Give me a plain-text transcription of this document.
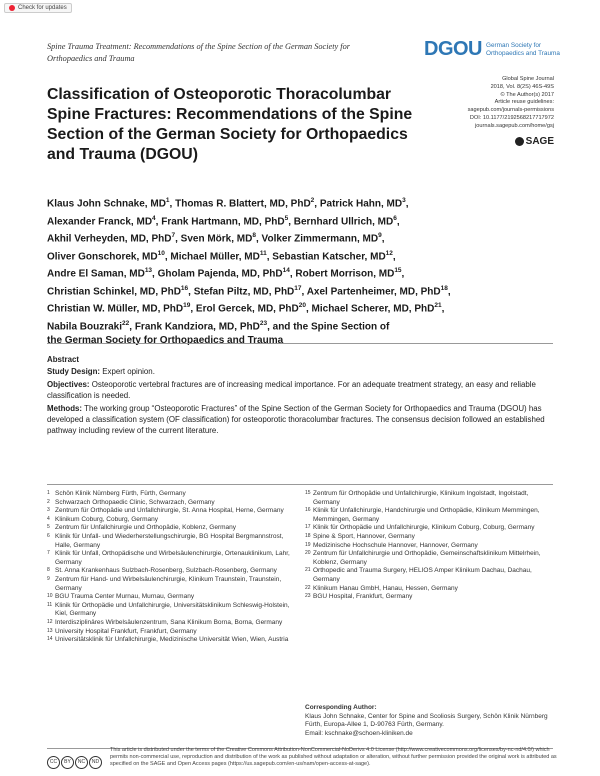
Check for updates
Spine Trauma Treatment: Recommendations of the Spine Section of the German Society for Orthopaedics and Trauma	DGOU German Society for
Orthopaedics and Trauma
Global Spine Journal
2018, Vol. 8(2S) 46S-49S
© The Author(s) 2017
Article reuse guidelines:
sagepub.com/journals-permissions
DOI: 10.1177/2192568217717972
journals.sagepub.com/home/gsj
SAGE
Classification of Osteoporotic Thoracolumbar Spine Fractures: Recommendations of the Spine Section of the German Society for Orthopaedics and Trauma (DGOU)
Klaus John Schnake, $MD^1$, Thomas R. Blattert, MD, PhD$^2$, Patrick Hahn, $MD^3$,
Alexander Franck, $MD^4$, Frank Hartmann, MD, PhD$^5$, Bernhard Ullrich, $MD^6$,
Akhil Verheyden, MD, PhD$^7$, Sven Mörk, $MD^8$, Volker Zimmermann, $MD^9$,
Oliver Gonschorek, MD$^{10}$, Michael Müller, MD$^{11}$, Sebastian Katscher, MD$^{12}$,
Andre El Saman, MD$^{13}$, Gholam Pajenda, MD, PhD$^{14}$, Robert Morrison, MD$^{15}$,
Christian Schinkel, MD, PhD$^{16}$, Stefan Piltz, MD, PhD$^{17}$, Axel Partenheimer, MD, PhD$^{18}$,
Christian W. Müller, MD, PhD$^{19}$, Erol Gercek, MD, PhD$^{20}$, Michael Scherer, MD, PhD$^{21}$,
Nabila Bouzraki$^{22}$, Frank Kandziora, MD, PhD$^{23}$, and the Spine Section of
the German Society for Orthopaedics and Trauma
Abstract

Study Design: Expert opinion.

Objectives: Osteoporotic vertebral fractures are of increasing medical importance. For an adequate treatment strategy, an easy and reliable classification is needed.

Methods: The working group “Osteoporotic Fractures” of the Spine Section of the German Society for Orthopaedics and Trauma (DGOU) has developed a classification system (OF classification) for osteoporotic thoracolumbar fractures. The consensus decision followed an established pathway including review of the current literature.

1 Schön Klinik Nürnberg Fürth, Fürth, Germany
2 Schwarzach Orthopaedic Clinic, Schwarzach, Germany
3 Zentrum für Orthopädie und Unfallchirurgie, St. Anna Hospital, Herne, Germany
4 Klinikum Coburg, Coburg, Germany
5 Zentrum für Unfallchirurgie und Orthopädie, Koblenz, Germany
6 Klinik für Unfall- und Wiederherstellungschirurgie, BG Hospital Bergmannstrost, Halle, Germany
7 Klinik für Unfall, Orthopädische und Wirbelsäulenchirurgie, Ortenauklinikum, Lahr, Germany
8 St. Anna Krankenhaus Sulzbach-Rosenberg, Sulzbach-Rosenberg, Germany
9 Zentrum für Hand- und Wirbelsäulenchirurgie, Klinikum Traunstein, Traunstein, Germany
10 BGU Trauma Center Murnau, Murnau, Germany
11 Klinik für Orthopädie und Unfallchirurgie, Universitätsklinikum Schleswig-Holstein, Kiel, Germany
12 Interdisziplinäres Wirbelsäulenzentrum, Sana Klinikum Borna, Borna, Germany
13 University Hospital Frankfurt, Frankfurt, Germany
14 Universitätsklinik für Unfallchirurgie, Medizinische Universität Wien, Wien, Austria
15 Zentrum für Orthopädie und Unfallchirurgie, Klinikum Ingolstadt, Ingolstadt, Germany
16 Klinik für Unfallchirurgie, Handchirurgie und Orthopädie, Klinikum Memmingen, Memmingen, Germany
17 Klinik für Orthopädie und Unfallchirurgie, Klinikum Coburg, Coburg, Germany
18 Spine & Sport, Hannover, Germany
19 Medizinische Hochschule Hannover, Hannover, Germany
20 Zentrum für Unfallchirurgie und Orthopädie, Gemeinschaftsklinikum Mittelrhein, Koblenz, Germany
21 Orthopedic and Trauma Surgery, HELIOS Amper Klinikum Dachau, Dachau, Germany
22 Klinikum Hanau GmbH, Hanau, Hessen, Germany
23 BGU Hospital, Frankfurt, Germany
Corresponding Author:
Klaus John Schnake, Center for Spine and Scoliosis Surgery, Schön Klinik Nürnberg Fürth, Europa-Allee 1, D-90763 Fürth, Germany.
Email: kschnake@schoen-kliniken.de
CC	BY	NC	ND
This article is distributed under the terms of the Creative Commons Attribution-NonCommercial-NoDerivs 4.0 License (http://www.creativecommons.org/licenses/by-nc-nd/4.0/) which permits non-commercial use, reproduction and distribution of the work as published without adaptation or alteration, without further permission provided the original work is attributed as specified on the SAGE and Open Access pages (https://us.sagepub.com/en-us/nam/open-access-at-sage).
